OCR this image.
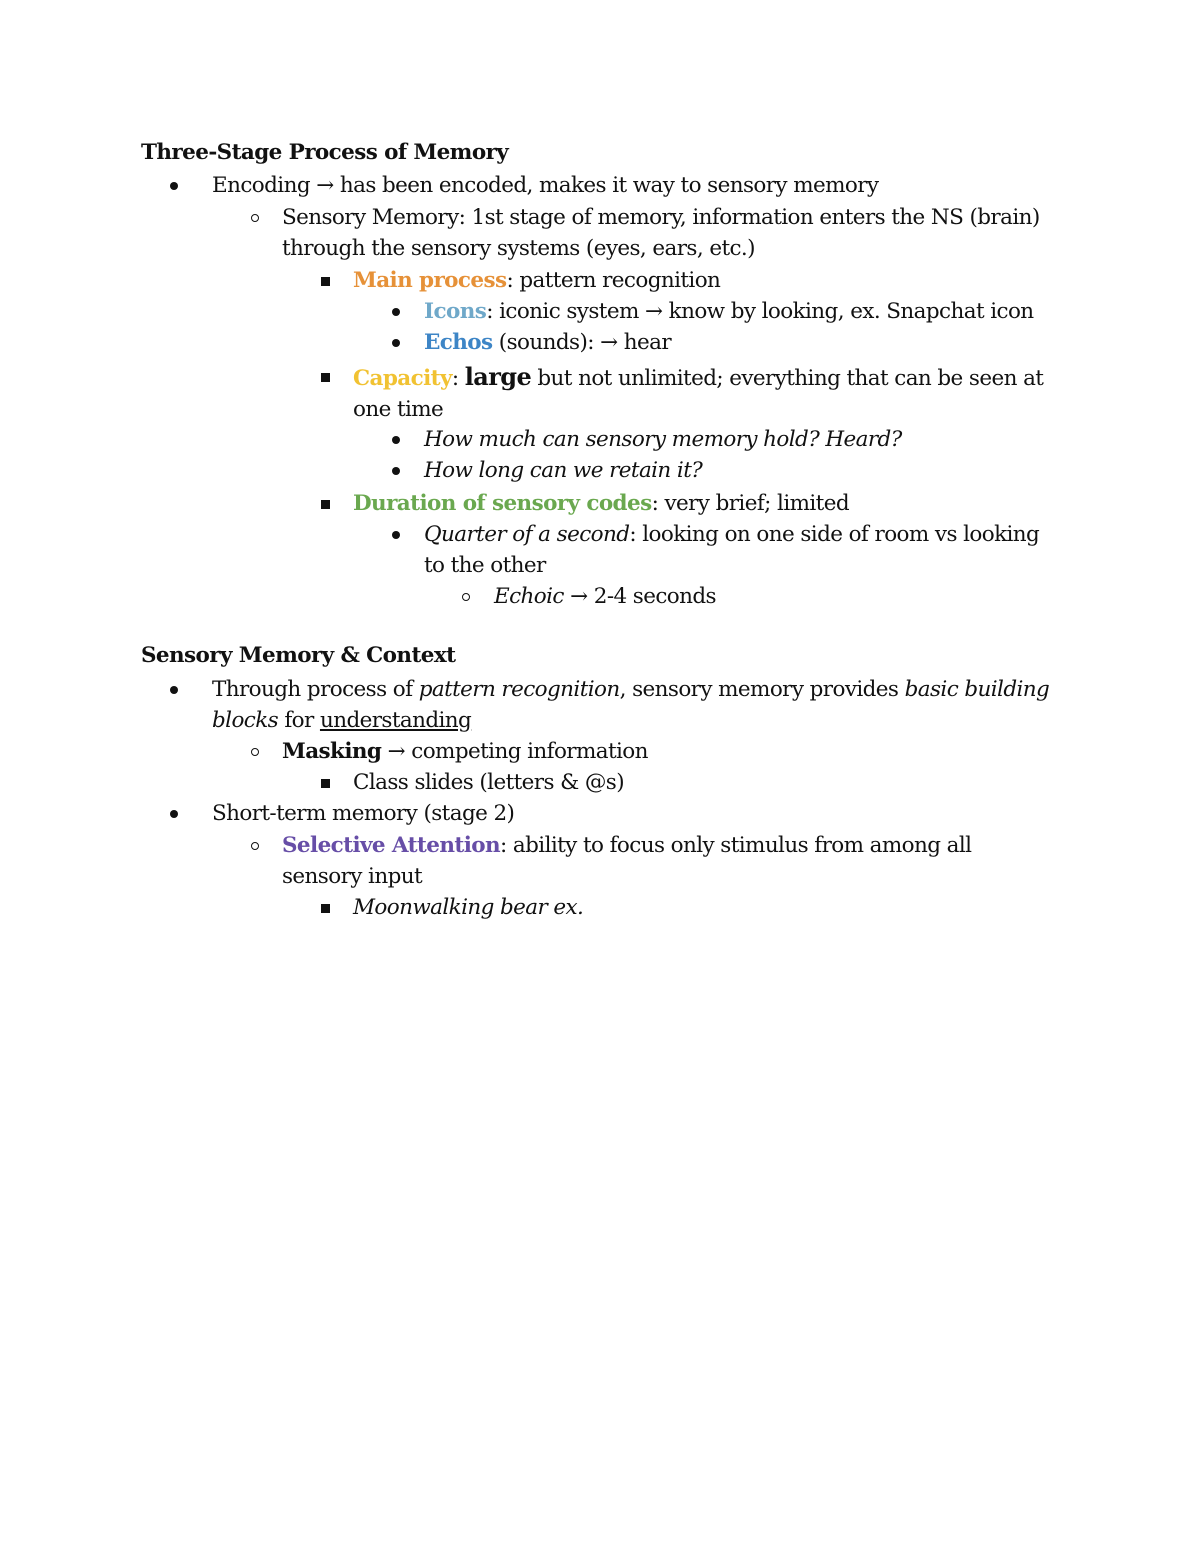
Three-Stage Process of Memory
Encoding → has been encoded, makes it way to sensory memory
Sensory Memory: 1st stage of memory, information enters the NS (brain)
through the sensory systems (eyes, ears, etc.)
Main process: pattern recognition
Icons: iconic system → know by looking, ex. Snapchat icon
Echos (sounds): → hear
Capacity: large but not unlimited; everything that can be seen at
one time
How much can sensory memory hold? Heard?
How long can we retain it?
Duration of sensory codes: very brief; limited
Quarter of a second: looking on one side of room vs looking
to the other
Echoic → 2-4 seconds
Sensory Memory & Context
Through process of pattern recognition, sensory memory provides basic building
blocks for understanding
Masking → competing information
Class slides (letters & @s)
Short-term memory (stage 2)
Selective Attention: ability to focus only stimulus from among all
sensory input
Moonwalking bear ex.
